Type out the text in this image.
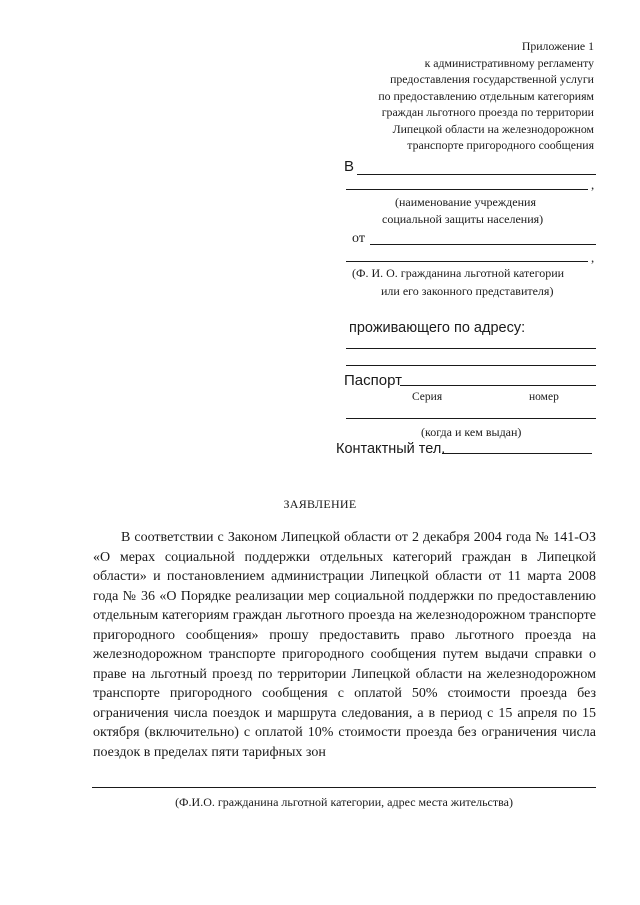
Приложение 1
к административному регламенту
предоставления государственной услуги
по предоставлению отдельным категориям
граждан льготного проезда по территории
Липецкой области на железнодорожном
транспорте пригородного сообщения
В
,
(наименование учреждения
социальной защиты населения)
от
,
(Ф. И. О. гражданина льготной категории
или его законного представителя)
проживающего по адресу:
Паспорт
Серия	номер
(когда и кем выдан)
Контактный тел.
ЗАЯВЛЕНИЕ
В соответствии с Законом Липецкой области от 2 декабря 2004 года № 141-ОЗ «О мерах социальной поддержки отдельных категорий граждан в Липецкой области» и постановлением администрации Липецкой области от 11 марта 2008 года № 36 «О Порядке реализации мер социальной поддержки по предоставлению отдельным категориям граждан льготного проезда на железнодорожном транспорте пригородного сообщения» прошу предоставить право льготного проезда на железнодорожном транспорте пригородного сообщения путем выдачи справки о праве на льготный проезд по территории Липецкой области на железнодорожном транспорте пригородного сообщения с оплатой 50% стоимости проезда без ограничения числа поездок и маршрута следования, а в период с 15 апреля по 15 октября (включительно) с оплатой 10% стоимости проезда без ограничения числа поездок в пределах пяти тарифных зон
(Ф.И.О. гражданина льготной категории, адрес места жительства)
